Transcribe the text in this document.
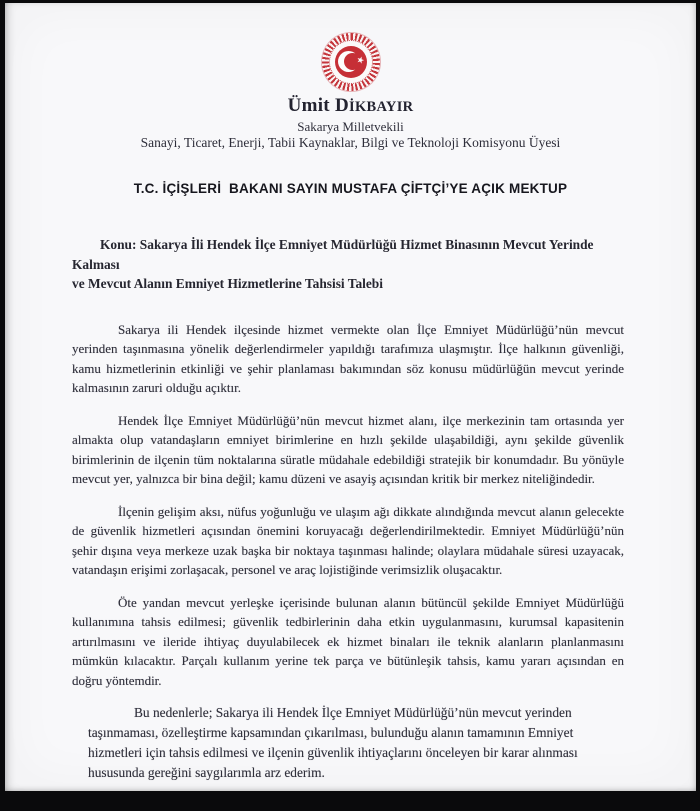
★
Ümit DİKBAYIR
Sakarya Milletvekili
Sanayi, Ticaret, Enerji, Tabii Kaynaklar, Bilgi ve Teknoloji Komisyonu Üyesi
T.C. İÇİŞLERİ  BAKANI SAYIN MUSTAFA ÇİFTÇİ’YE AÇIK MEKTUP
Konu: Sakarya İli Hendek İlçe Emniyet Müdürlüğü Hizmet Binasının Mevcut Yerinde Kalması
ve Mevcut Alanın Emniyet Hizmetlerine Tahsisi Talebi

Sakarya ili Hendek ilçesinde hizmet vermekte olan İlçe Emniyet Müdürlüğü’nün mevcut yerinden taşınmasına yönelik değerlendirmeler yapıldığı tarafımıza ulaşmıştır. İlçe halkının güvenliği, kamu hizmetlerinin etkinliği ve şehir planlaması bakımından söz konusu müdürlüğün mevcut yerinde kalmasının zaruri olduğu açıktır.

Hendek İlçe Emniyet Müdürlüğü’nün mevcut hizmet alanı, ilçe merkezinin tam ortasında yer almakta olup vatandaşların emniyet birimlerine en hızlı şekilde ulaşabildiği, aynı şekilde güvenlik birimlerinin de ilçenin tüm noktalarına süratle müdahale edebildiği stratejik bir konumdadır. Bu yönüyle mevcut yer, yalnızca bir bina değil; kamu düzeni ve asayiş açısından kritik bir merkez niteliğindedir.

İlçenin gelişim aksı, nüfus yoğunluğu ve ulaşım ağı dikkate alındığında mevcut alanın gelecekte de güvenlik hizmetleri açısından önemini koruyacağı değerlendirilmektedir. Emniyet Müdürlüğü’nün şehir dışına veya merkeze uzak başka bir noktaya taşınması halinde; olaylara müdahale süresi uzayacak, vatandaşın erişimi zorlaşacak, personel ve araç lojistiğinde verimsizlik oluşacaktır.

Öte yandan mevcut yerleşke içerisinde bulunan alanın bütüncül şekilde Emniyet Müdürlüğü kullanımına tahsis edilmesi; güvenlik tedbirlerinin daha etkin uygulanmasını, kurumsal kapasitenin artırılmasını ve ileride ihtiyaç duyulabilecek ek hizmet binaları ile teknik alanların planlanmasını mümkün kılacaktır. Parçalı kullanım yerine tek parça ve bütünleşik tahsis, kamu yararı açısından en doğru yöntemdir.

Bu nedenlerle; Sakarya ili Hendek İlçe Emniyet Müdürlüğü’nün mevcut yerinden taşınmaması, özelleştirme kapsamından çıkarılması, bulunduğu alanın tamamının Emniyet hizmetleri için tahsis edilmesi ve ilçenin güvenlik ihtiyaçlarını önceleyen bir karar alınması hususunda gereğini saygılarımla arz ederim.
